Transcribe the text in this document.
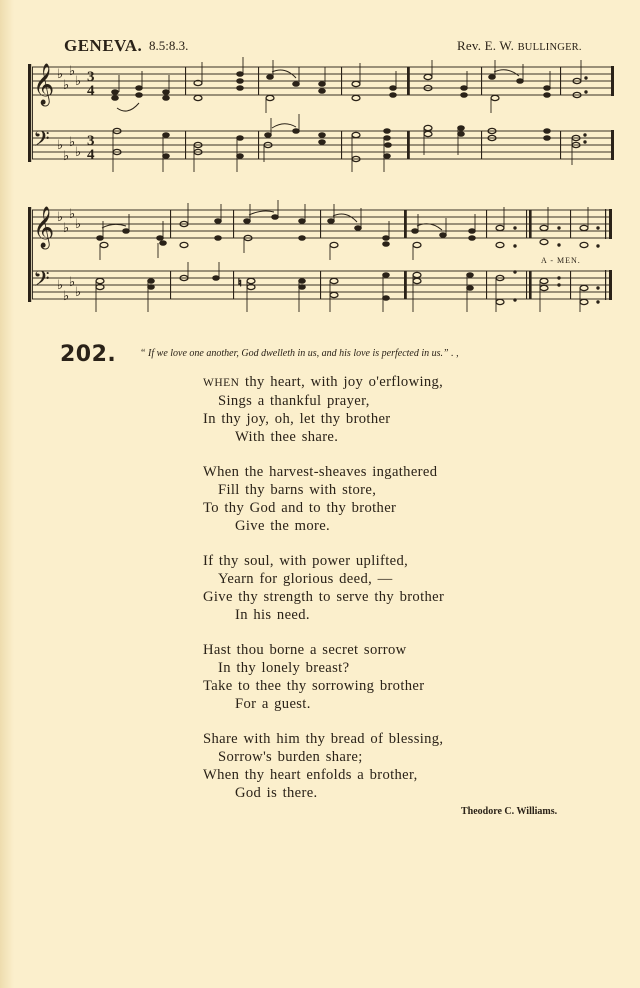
GENEVA. 8.5:8.3.	Rev. E. W. BULLINGER.
𝄞
𝄢
𝄞
𝄢
♭
♭
♭
♭
♭
♭
♭
♭
♭
♭
♭
♭
♭
♭
♭
♭
3
4
3
4
♮
A - MEN.
202. “ If we love one another, God dwelleth in us, and his love is perfected in us.” . ,
WHEN thy heart, with joy o'erflowing,
Sings a thankful prayer,
In thy joy, oh, let thy brother
With thee share.
When the harvest-sheaves ingathered
Fill thy barns with store,
To thy God and to thy brother
Give the more.
If thy soul, with power uplifted,
Yearn for glorious deed, —
Give thy strength to serve thy brother
In his need.
Hast thou borne a secret sorrow
In thy lonely breast?
Take to thee thy sorrowing brother
For a guest.
Share with him thy bread of blessing,
Sorrow's burden share;
When thy heart enfolds a brother,
God is there.
Theodore C. Williams.
